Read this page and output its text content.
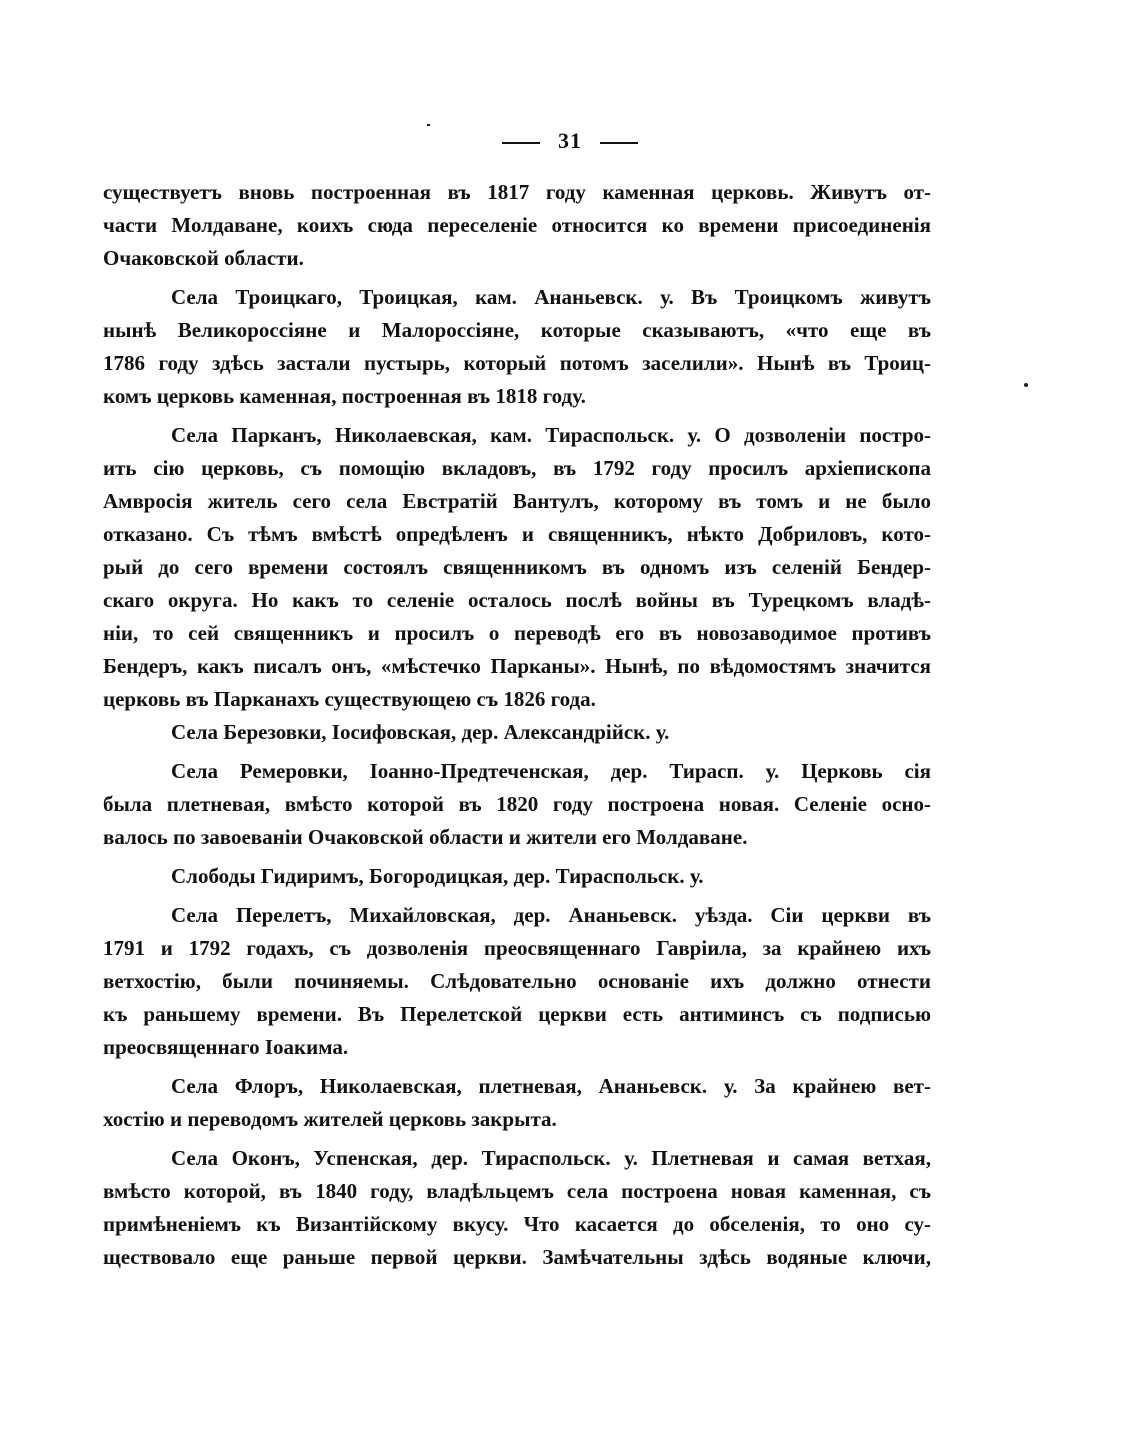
31
существуетъ вновь построенная въ 1817 году каменная церковь. Живутъ от-
части Молдаване, коихъ сюда переселеніе относится ко времени присоединенія
Очаковской области.
Села Троицкаго, Троицкая, кам. Ананьевск. у. Въ Троицкомъ живутъ
нынѣ Великороссіяне и Малороссіяне, которые сказываютъ, «что еще въ
1786 году здѣсь застали пустырь, который потомъ заселили». Нынѣ въ Троиц-
комъ церковь каменная, построенная въ 1818 году.
Села Парканъ, Николаевская, кам. Тираспольск. у. О дозволеніи постро-
ить сію церковь, съ помощію вкладовъ, въ 1792 году просилъ архіепископа
Амвросія житель сего села Евстратій Вантулъ, которому въ томъ и не было
отказано. Съ тѣмъ вмѣстѣ опредѣленъ и священникъ, нѣкто Добриловъ, кото-
рый до сего времени состоялъ священникомъ въ одномъ изъ селеній Бендер-
скаго округа. Но какъ то селеніе осталось послѣ войны въ Турецкомъ владѣ-
ніи, то сей священникъ и просилъ о переводѣ его въ новозаводимое противъ
Бендеръ, какъ писалъ онъ, «мѣстечко Парканы». Нынѣ, по вѣдомостямъ значится
церковь въ Парканахъ существующею съ 1826 года.
Села Березовки, Іосифовская, дер. Александрійск. у.
Села Ремеровки, Іоанно-Предтеченская, дер. Тирасп. у. Церковь сія
была плетневая, вмѣсто которой въ 1820 году построена новая. Селеніе осно-
валось по завоеваніи Очаковской области и жители его Молдаване.
Слободы Гидиримъ, Богородицкая, дер. Тираспольск. у.
Села Перелетъ, Михайловская, дер. Ананьевск. уѣзда. Сіи церкви въ
1791 и 1792 годахъ, съ дозволенія преосвященнаго Гавріила, за крайнею ихъ
ветхостію, были починяемы. Слѣдовательно основаніе ихъ должно отнести
къ раньшему времени. Въ Перелетской церкви есть антиминсъ съ подписью
преосвященнаго Іоакима.
Села Флоръ, Николаевская, плетневая, Ананьевск. у. За крайнею вет-
хостію и переводомъ жителей церковь закрыта.
Села Оконъ, Успенская, дер. Тираспольск. у. Плетневая и самая ветхая,
вмѣсто которой, въ 1840 году, владѣльцемъ села построена новая каменная, съ
примѣненіемъ къ Византійскому вкусу. Что касается до обселенія, то оно су-
ществовало еще раньше первой церкви. Замѣчательны здѣсь водяные ключи,
